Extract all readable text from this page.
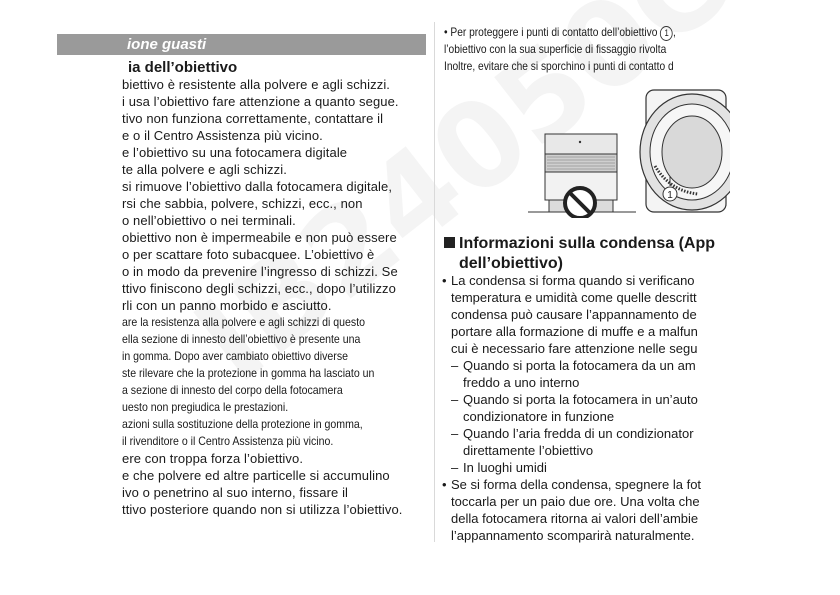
ione guasti
ia dell’obiettivo
biettivo è resistente alla polvere e agli schizzi.
i usa l’obiettivo fare attenzione a quanto segue.
tivo non funziona correttamente, contattare il
e o il Centro Assistenza più vicino.
e l’obiettivo su una fotocamera digitale
te alla polvere e agli schizzi.
si rimuove l’obiettivo dalla fotocamera digitale,
rsi che sabbia, polvere, schizzi, ecc., non
o nell’obiettivo o nei terminali.
obiettivo non è impermeabile e non può essere
o per scattare foto subacquee. L’obiettivo è
o in modo da prevenire l’ingresso di schizzi. Se
ttivo finiscono degli schizzi, ecc., dopo l’utilizzo
rli con un panno morbido e asciutto.
are la resistenza alla polvere e agli schizzi di questo
ella sezione di innesto dell’obiettivo è presente una
in gomma. Dopo aver cambiato obiettivo diverse
ste rilevare che la protezione in gomma ha lasciato un
a sezione di innesto del corpo della fotocamera
uesto non pregiudica le prestazioni.
azioni sulla sostituzione della protezione in gomma,
il rivenditore o il Centro Assistenza più vicino.
ere con troppa forza l’obiettivo.
e che polvere ed altre particelle si accumulino
ivo o penetrino al suo interno, fissare il
ttivo posteriore quando non si utilizza l’obiettivo.
• Per proteggere i punti di contatto dell’obiettivo 1 ,
l’obiettivo con la sua superficie di fissaggio rivolta
Inoltre, evitare che si sporchino i punti di contatto d
1
Informazioni sulla condensa (App
dell’obiettivo)
• La condensa si forma quando si verificano
temperatura e umidità come quelle descritt
condensa può causare l’appannamento de
portare alla formazione di muffe e a malfun
cui è necessario fare attenzione nelle segu
– Quando si porta la fotocamera da un am
freddo a uno interno
– Quando si porta la fotocamera in un’auto
condizionatore in funzione
– Quando l’aria fredda di un condizionator
direttamente l’obiettivo
– In luoghi umidi
• Se si forma della condensa, spegnere la fot
toccarla per un paio due ore. Una volta che
della fotocamera ritorna ai valori dell’ambie
l’appannamento scomparirà naturalmente.
